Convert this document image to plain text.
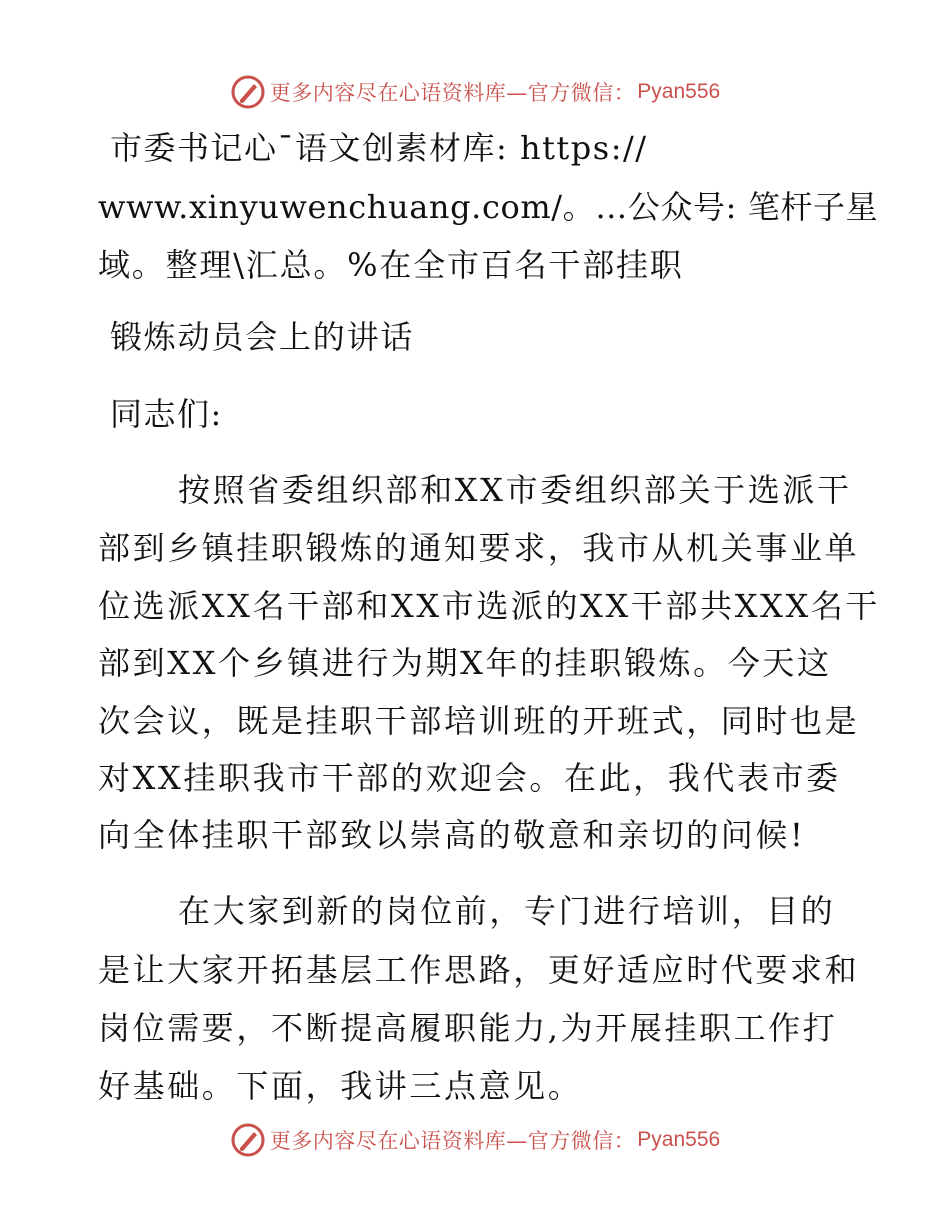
更多内容尽在心语资料库—官方微信： Pyan556
市委书记心¯语文创素材库: https://
www.xinyuwenchuang.com/。…公众号: 笔杆子星
域。整理\汇总。%在全市百名干部挂职
锻炼动员会上的讲话
同志们:
按照省委组织部和XX市委组织部关于选派干
部到乡镇挂职锻炼的通知要求，我市从机关事业单
位选派XX名干部和XX市选派的XX干部共XXX名干
部到XX个乡镇进行为期X年的挂职锻炼。今天这
次会议，既是挂职干部培训班的开班式，同时也是
对XX挂职我市干部的欢迎会。在此，我代表市委
向全体挂职干部致以崇高的敬意和亲切的问候!
在大家到新的岗位前，专门进行培训，目的
是让大家开拓基层工作思路，更好适应时代要求和
岗位需要，不断提高履职能力,为开展挂职工作打
好基础。下面，我讲三点意见。
更多内容尽在心语资料库—官方微信： Pyan556
